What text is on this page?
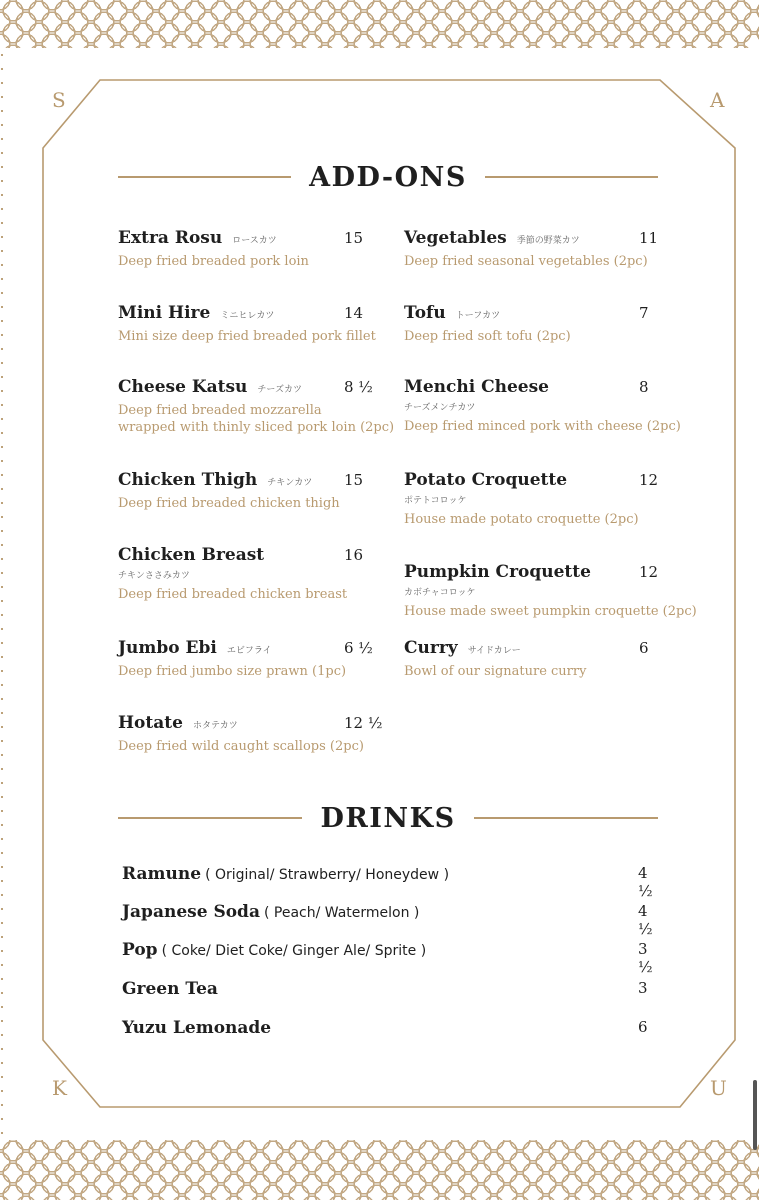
S	A
K	U
ADD-ONS
Extra Rosu ロースカツ
Deep fried breaded pork loin
15
Mini Hire ミニヒレカツ
Mini size deep fried breaded pork fillet
14
Cheese Katsu チーズカツ
Deep fried breaded mozzarella
wrapped with thinly sliced pork loin (2pc)
8 ½
Chicken Thigh チキンカツ
Deep fried breaded chicken thigh
15
Chicken Breast
チキンささみカツ
Deep fried breaded chicken breast
16
Jumbo Ebi エビフライ
Deep fried jumbo size prawn (1pc)
6 ½
Hotate ホタテカツ
Deep fried wild caught scallops (2pc)
12 ½
Vegetables 季節の野菜カツ
Deep fried seasonal vegetables (2pc)
11
Tofu トーフカツ
Deep fried soft tofu (2pc)
7
Menchi Cheese
チーズメンチカツ
Deep fried minced pork with cheese (2pc)
8
Potato Croquette
ポテトコロッケ
House made potato croquette (2pc)
12
Pumpkin Croquette
カボチャコロッケ
House made sweet pumpkin croquette (2pc)
12
Curry サイドカレー
Bowl of our signature curry
6
DRINKS
Ramune ( Original/ Strawberry/ Honeydew )	4 ½
Japanese Soda ( Peach/ Watermelon )	4 ½
Pop ( Coke/ Diet Coke/ Ginger Ale/ Sprite )	3 ½
Green Tea	3
Yuzu Lemonade	6
